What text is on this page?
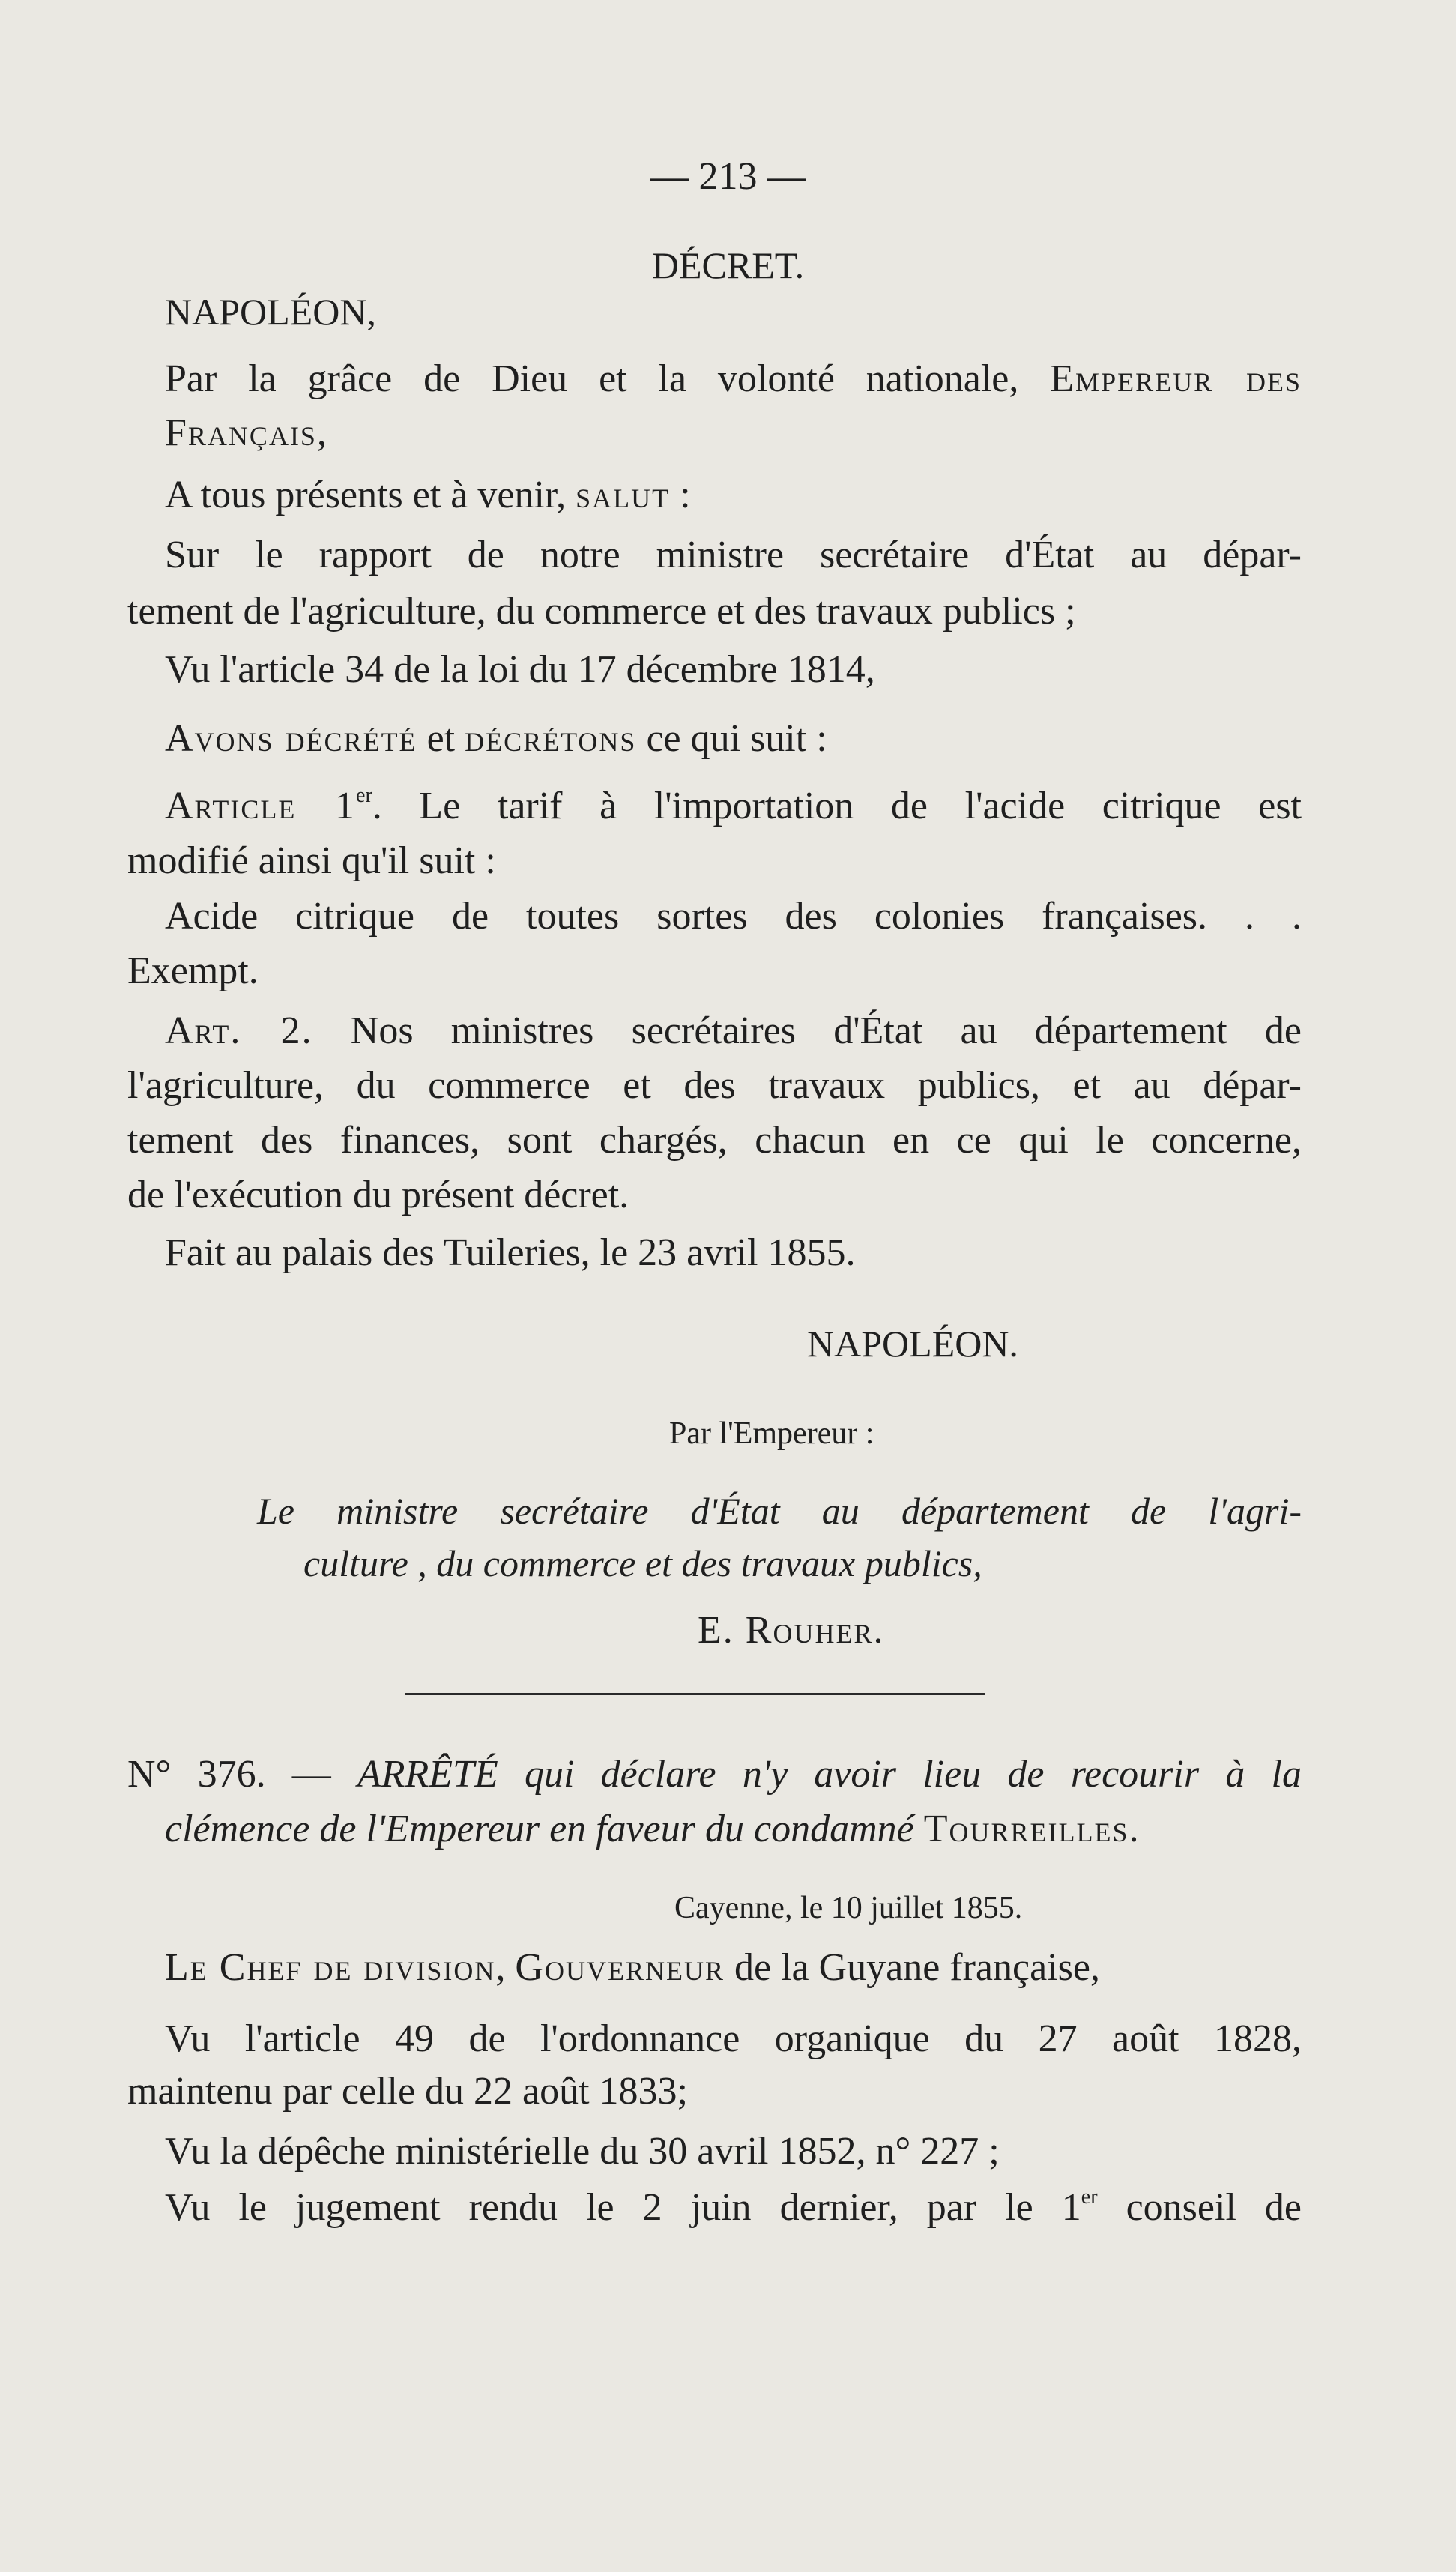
— 213 —
DÉCRET.
NAPOLÉON,
Par la grâce de Dieu et la volonté nationale, Empereur des
Français,
A tous présents et à venir, salut :
Sur le rapport de notre ministre secrétaire d'État au dépar-
tement de l'agriculture, du commerce et des travaux publics ;
Vu l'article 34 de la loi du 17 décembre 1814,
Avons décrété et décrétons ce qui suit :
Article 1er. Le tarif à l'importation de l'acide citrique est
modifié ainsi qu'il suit :
Acide citrique de toutes sortes des colonies françaises. . .
Exempt.
Art. 2. Nos ministres secrétaires d'État au département de
l'agriculture, du commerce et des travaux publics, et au dépar-
tement des finances, sont chargés, chacun en ce qui le concerne,
de l'exécution du présent décret.
Fait au palais des Tuileries, le 23 avril 1855.
NAPOLÉON.
Par l'Empereur :
Le ministre secrétaire d'État au département de l'agri-
culture , du commerce et des travaux publics,
E. Rouher.
N° 376. — ARRÊTÉ qui déclare n'y avoir lieu de recourir à la
clémence de l'Empereur en faveur du condamné Tourreilles.
Cayenne, le 10 juillet 1855.
Le Chef de division, Gouverneur de la Guyane française,
Vu l'article 49 de l'ordonnance organique du 27 août 1828,
maintenu par celle du 22 août 1833;
Vu la dépêche ministérielle du 30 avril 1852, n° 227 ;
Vu le jugement rendu le 2 juin dernier, par le 1er conseil de
